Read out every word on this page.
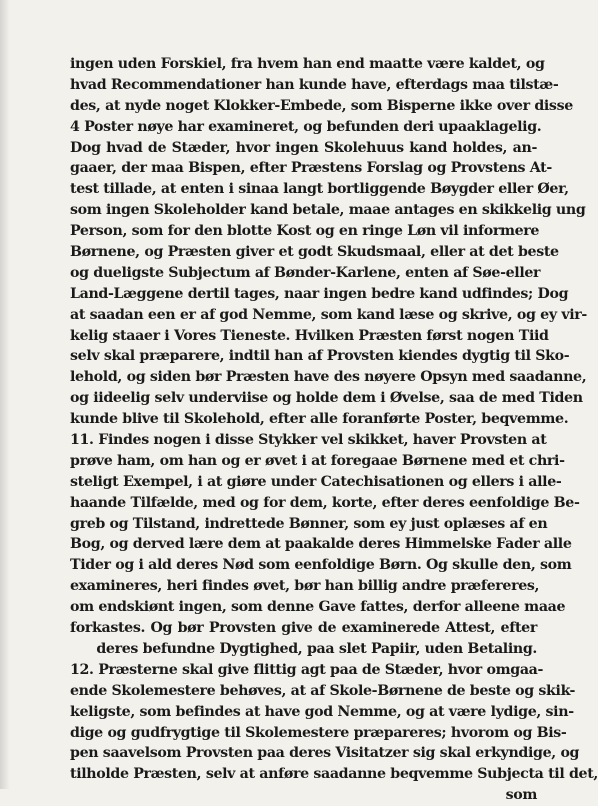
ingen uden Forskiel, fra hvem han end maatte være kaldet, og
hvad Recommendationer han kunde have, efterdags maa tilstæ-
des, at nyde noget Klokker-Embede, som Bisperne ikke over disse
4 Poster nøye har examineret, og befunden deri upaaklagelig.
Dog hvad de Stæder, hvor ingen Skolehuus kand holdes, an-
gaaer, der maa Bispen, efter Præstens Forslag og Provstens At-
test tillade, at enten i sinaa langt bortliggende Bøygder eller Øer,
som ingen Skoleholder kand betale, maae antages en skikkelig ung
Person, som for den blotte Kost og en ringe Løn vil informere
Børnene, og Præsten giver et godt Skudsmaal, eller at det beste
og dueligste Subjectum af Bønder-Karlene, enten af Søe-eller
Land-Læggene dertil tages, naar ingen bedre kand udfindes; Dog
at saadan een er af god Nemme, som kand læse og skrive, og ey vir-
kelig staaer i Vores Tieneste. Hvilken Præsten først nogen Tiid
selv skal præparere, indtil han af Provsten kiendes dygtig til Sko-
lehold, og siden bør Præsten have des nøyere Opsyn med saadanne,
og iideelig selv underviise og holde dem i Øvelse, saa de med Tiden
kunde blive til Skolehold, efter alle foranførte Poster, beqvemme.
11. Findes nogen i disse Stykker vel skikket, haver Provsten at
prøve ham, om han og er øvet i at foregaae Børnene med et chri-
steligt Exempel, i at giøre under Catechisationen og ellers i alle-
haande Tilfælde, med og for dem, korte, efter deres eenfoldige Be-
greb og Tilstand, indrettede Bønner, som ey just oplæses af en
Bog, og derved lære dem at paakalde deres Himmelske Fader alle
Tider og i ald deres Nød som eenfoldige Børn. Og skulle den, som
examineres, heri findes øvet, bør han billig andre præfereres,
om endskiønt ingen, som denne Gave fattes, derfor alleene maae
forkastes. Og bør Provsten give de examinerede Attest, efter
deres befundne Dygtighed, paa slet Papiir, uden Betaling.
12. Præsterne skal give flittig agt paa de Stæder, hvor omgaa-
ende Skolemestere behøves, at af Skole-Børnene de beste og skik-
keligste, som befindes at have god Nemme, og at være lydige, sin-
dige og gudfrygtige til Skolemestere præpareres; hvorom og Bis-
pen saavelsom Provsten paa deres Visitatzer sig skal erkyndige, og
tilholde Præsten, selv at anføre saadanne beqvemme Subjecta til det,
som
